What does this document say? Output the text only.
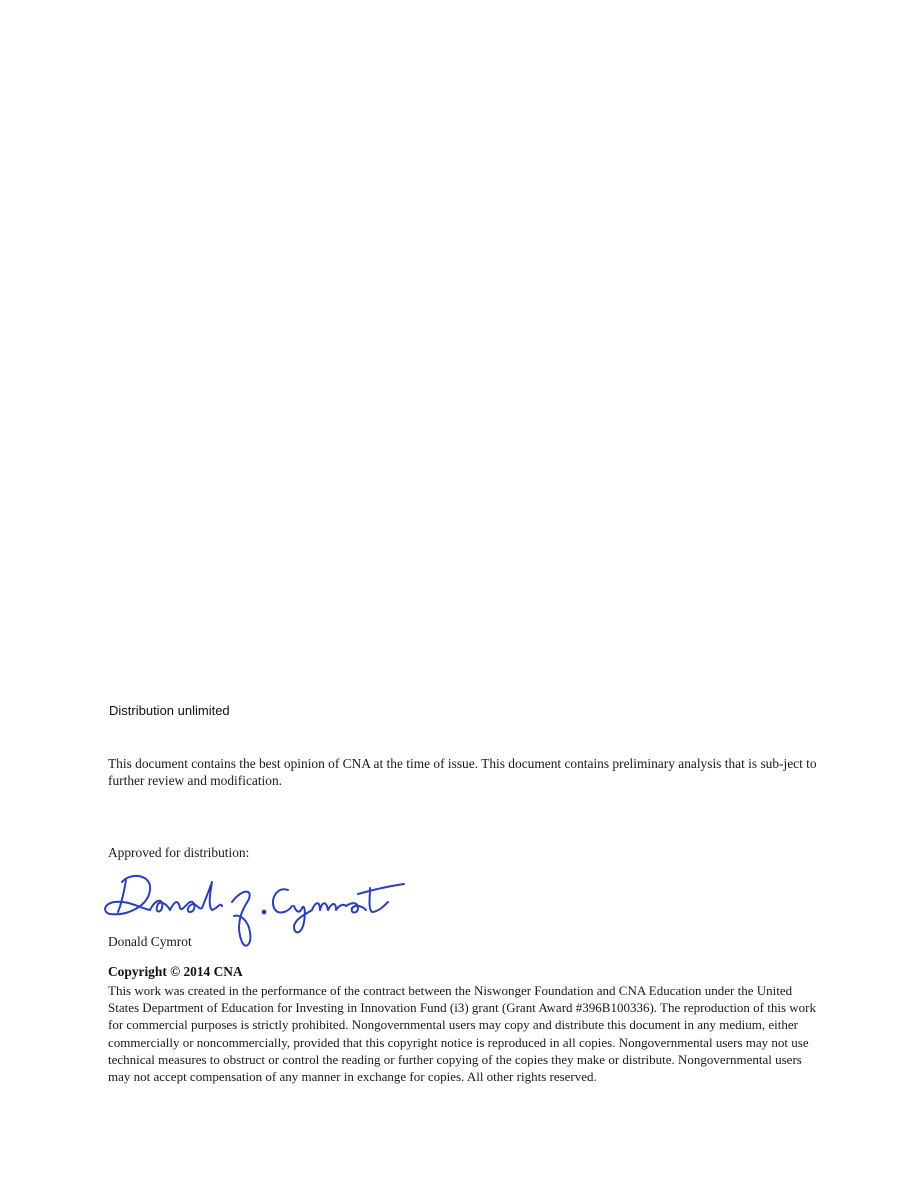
Distribution unlimited
This document contains the best opinion of CNA at the time of issue. This document contains preliminary analysis that is sub-ject to further review and modification.
Approved for distribution:
Donald Cymrot
Copyright © 2014 CNA
This work was created in the performance of the contract between the Niswonger Foundation and CNA Education under the United States Department of Education for Investing in Innovation Fund (i3) grant (Grant Award #396B100336). The reproduction of this work for commercial purposes is strictly prohibited. Nongovernmental users may copy and distribute this document in any medium, either commercially or noncommercially, provided that this copyright notice is reproduced in all copies. Nongovernmental users may not use technical measures to obstruct or control the reading or further copying of the copies they make or distribute. Nongovernmental users may not accept compensation of any manner in exchange for copies. All other rights reserved.
